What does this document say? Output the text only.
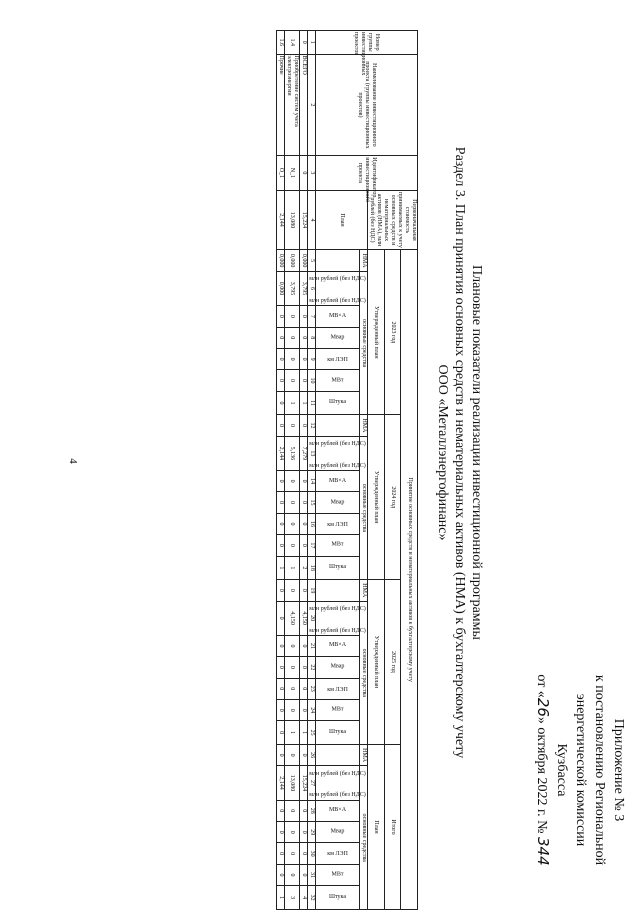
4
Приложение № 3
к постановлению Региональной
энергетической комиссии
Кузбасса
от «26» октября 2022 г. № 344
Плановые показатели реализации инвестиционной программы
Раздел 3. План принятия основных средств и нематериальных активов (НМА) к бухгалтерскому учету
ООО «Металлэнергофинанс»
Номер группы инвестиционных проектов	Наименование инвестиционного проекта (группы инвестиционных проектов)	Идентификатор инвестиционного проекта	Первоначальная стоимость принимаемых к учету основных средств и нематериальных активов (НМА), млн рублей (без НДС)	Принятие основных средств и нематериальных активов к бухгалтерскому учету																											
				2023 год							2024 год							2025 год							Итого						
				Утвержденный план							Утвержденный план							Утвержденный план							План						
			План	НМА	основные средства						НМА	основные средства						НМА	основные средства						НМА	основные средства					
				млн рублей (без НДС)	млн рублей (без НДС)	МВ×А	Мвар	км ЛЭП	МВт	Штука	млн рублей (без НДС)	млн рублей (без НДС)	МВ×А	Мвар	км ЛЭП	МВт	Штука	млн рублей (без НДС)	млн рублей (без НДС)	МВ×А	Мвар	км ЛЭП	МВт	Штука	млн рублей (без НДС)	млн рублей (без НДС)	МВ×А	Мвар	км ЛЭП	МВт	Штука
1	2	3	4	5	6	7	8	9	10	11	12	13	14	15	16	17	18	19	20	21	22	23	24	25	26	27	28	29	30	31	32
0	ВСЕГО	0	15,224	0,000	3,795	0	0	0	0	1	0	7,279	0	0	0	0	2	0	4,150	0	0	0	0	1	0	15,224	0	0	0	0	4
1.4	Приобретение систем учета электроэнергии	N_1	13,080	0,000	3,795	0	0	0	0	1	0	5,136	0	0	0	0	1	0	4,150	0	0	0	0	1	0	13,080	0	0	0	0	3
1.6	Прочие	O_1	2,144	0,000	0,000	0	0	0	0	0	0	2,144	0	0	0	0	1	0	0	0	0	0	0	0	0	2,144	0	0	0	0	1
